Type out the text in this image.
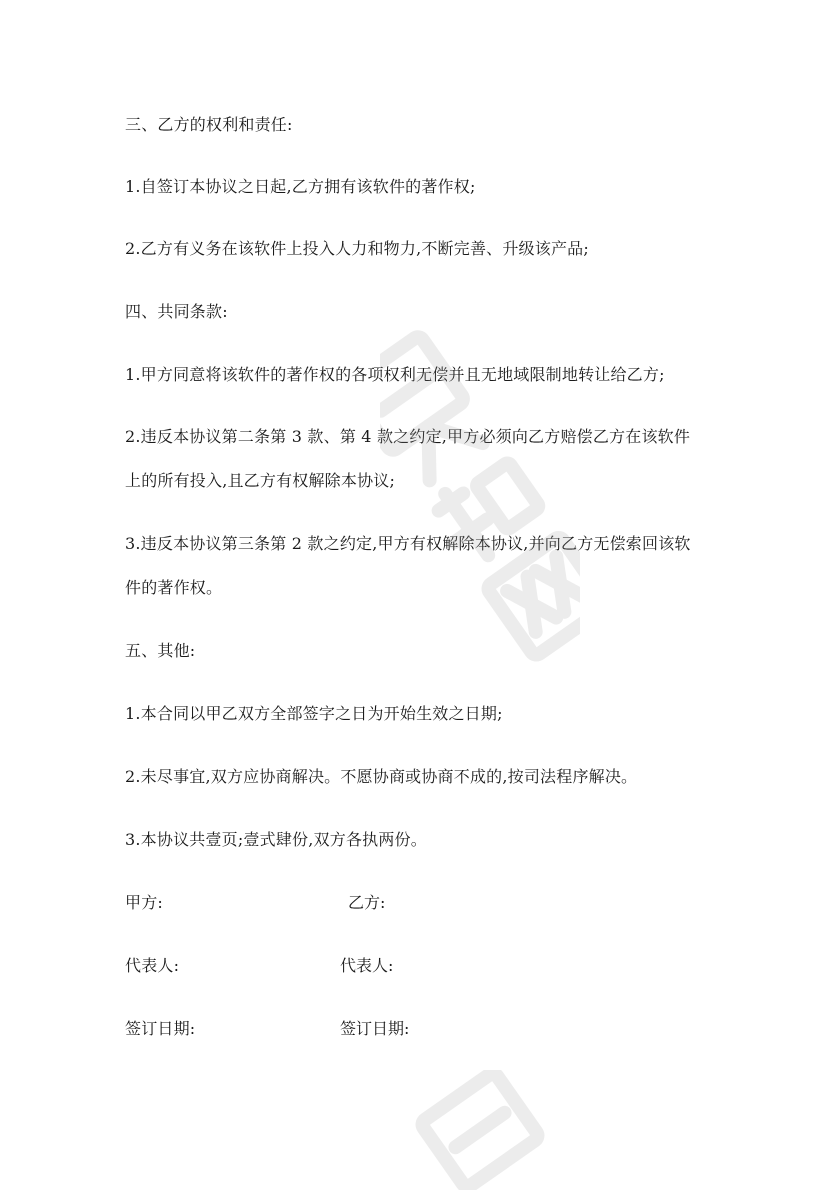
三、乙方的权利和责任:
1.自签订本协议之日起,乙方拥有该软件的著作权;
2.乙方有义务在该软件上投入人力和物力,不断完善、升级该产品;
四、共同条款:
1.甲方同意将该软件的著作权的各项权利无偿并且无地域限制地转让给乙方;
2.违反本协议第二条第 3 款、第 4 款之约定,甲方必须向乙方赔偿乙方在该软件
上的所有投入,且乙方有权解除本协议;
3.违反本协议第三条第 2 款之约定,甲方有权解除本协议,并向乙方无偿索回该软
件的著作权。
五、其他:
1.本合同以甲乙双方全部签字之日为开始生效之日期;
2.未尽事宜,双方应协商解决。不愿协商或协商不成的,按司法程序解决。
3.本协议共壹页;壹式肆份,双方各执两份。
甲方:	乙方:
代表人:	代表人:
签订日期:	签订日期:
